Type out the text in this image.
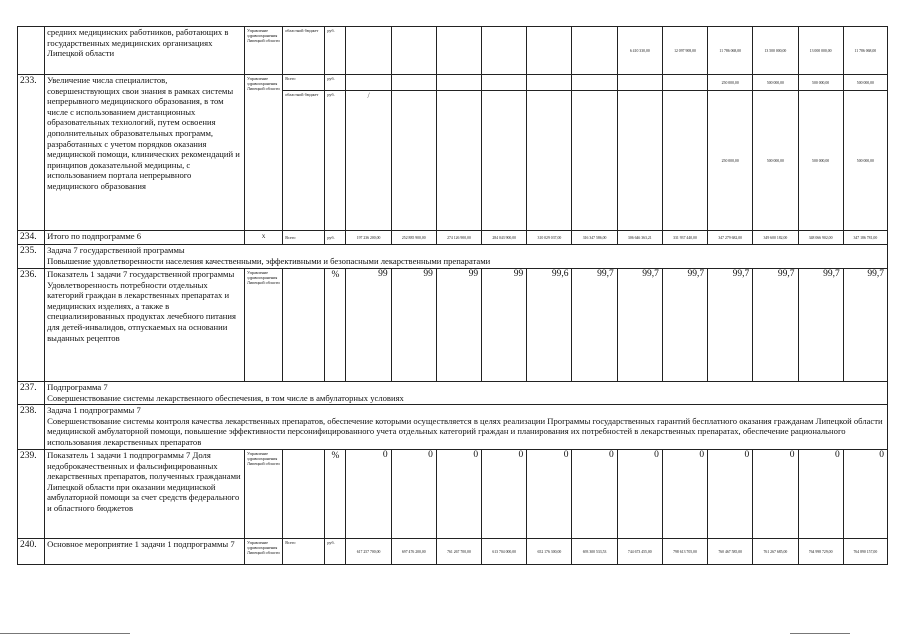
	средних медицинских работников, работающих в государственных медицинских организациях Липецкой области	Управление здравоохранения Липецкой области	областной бюджет	руб.							6 410 330,00	12 097 908,00	11 786 068,00	13 500 000,00	13 000 000,00	11 786 068,00
233.	Увеличение числа специалистов, совершенствующих свои знания в рамках системы непрерывного медицинского образования, в том числе с использованием дистанционных образовательных технологий, путем освоения дополнительных образовательных программ, разработанных с учетом порядков оказания медицинской помощи, клинических рекомендаций и принципов доказательной медицины, с использованием портала непрерывного медицинского образования	Управление здравоохранения Липецкой области	Всего	руб.									250 000,00	500 000,00	500 000,00	500 000,00
			областной бюджет	руб.	/								250 000,00	500 000,00	500 000,00	500 000,00
234.	Итого по подпрограмме 6	Х	Всего	руб.	197 236 200,00	252 885 900,00	274 126 900,00	284 043 900,00	310 029 037,00	316 347 586,00	306 646 363,21	331 937 440,00	347 279 682,00	349 600 182,00	348 066 902,00	347 186 781,00
235.	Задача 7 государственной программы
Повышение удовлетворенности населения качественными, эффективными и безопасными лекарственными препаратами															

236.	Показатель 1 задачи 7 государственной программы Удовлетворенность потребности отдельных категорий граждан в лекарственных препаратах и медицинских изделиях, а также в специализированных продуктах лечебного питания для детей-инвалидов, отпускаемых на основании выданных рецептов	Управление здравоохранения Липецкой области		%	99	99	99	99	99,6	99,7	99,7	99,7	99,7	99,7	99,7	99,7
237.	Подпрограмма 7
Совершенствование системы лекарственного обеспечения, в том числе в амбулаторных условиях															

238.	Задача 1 подпрограммы 7
Совершенствование системы контроля качества лекарственных препаратов, обеспечение которыми осуществляется в целях реализации Программы государственных гарантий бесплатного оказания гражданам Липецкой области медицинской амбулаторной помощи, повышение эффективности персонифицированного учета отдельных категорий граждан и планирования их потребностей в лекарственных препаратах, обеспечение рационального использования лекарственных препаратов															

239.	Показатель 1 задачи 1 подпрограммы 7 Доля недоброкачественных и фальсифицированных лекарственных препаратов, полученных гражданами Липецкой области при оказании медицинской амбулаторной помощи за счет средств федерального и областного бюджетов	Управление здравоохранения Липецкой области		%	0	0	0	0	0	0	0	0	0	0	0	0
240.	Основное мероприятие 1 задачи 1 подпрограммы 7	Управление здравоохранения Липецкой области	Всего	руб.	617 257 700,00	697 476 200,00	761 267 700,00	613 704 000,00	652 176 300,00	693 300 533,53	744 673 455,00	798 613 705,00	760 467 585,00	761 267 685,00	764 998 729,00	764 890 157,00
